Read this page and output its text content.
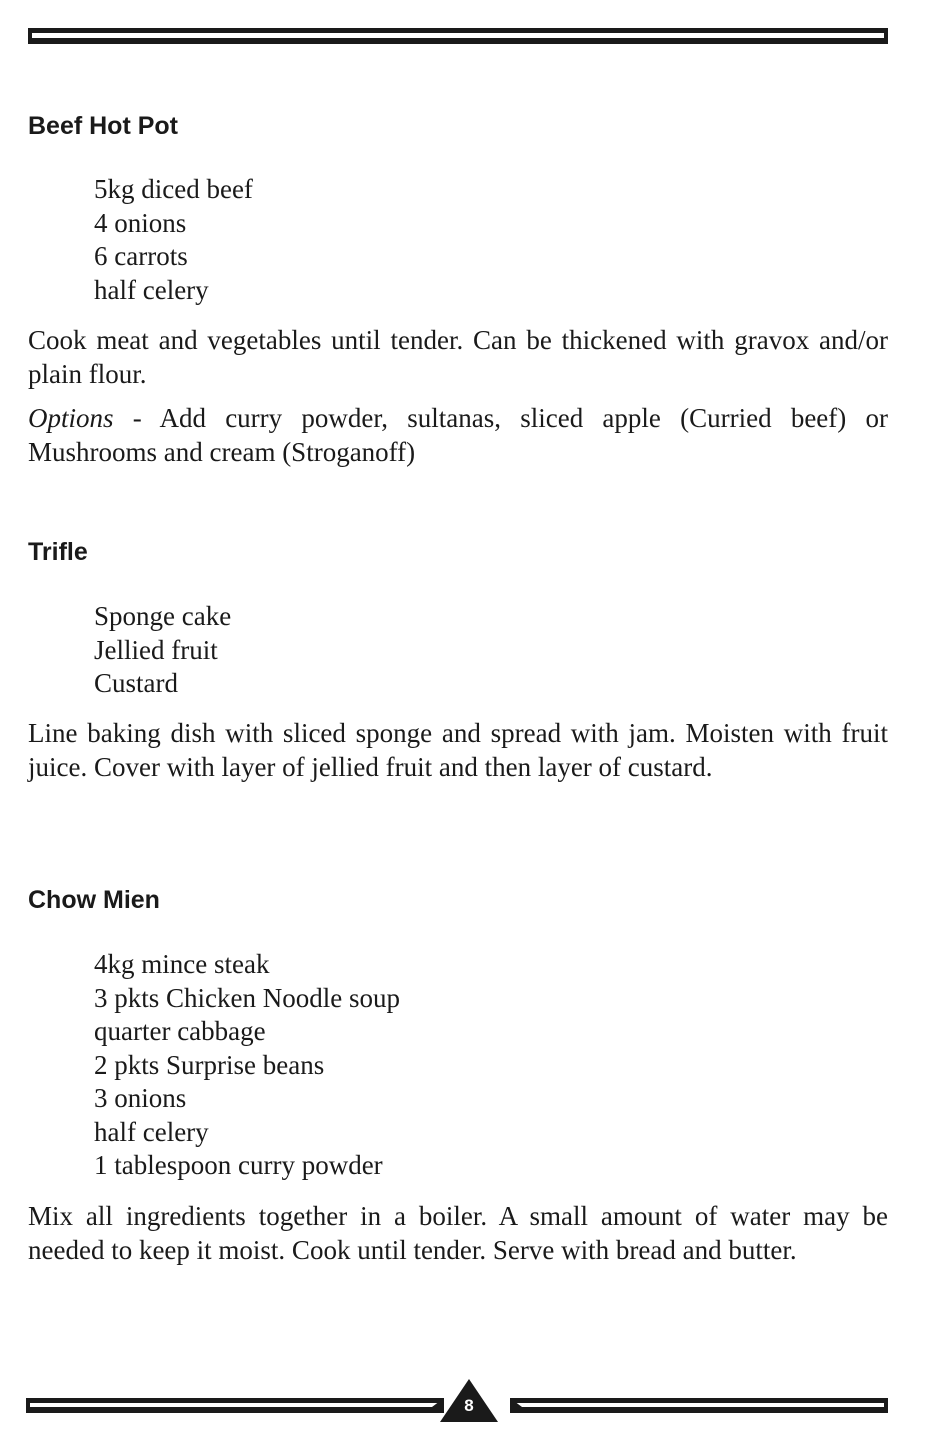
Beef Hot Pot
5kg diced beef
4 onions
6 carrots
half celery

Cook meat and vegetables until tender. Can be thickened with gravox and/or plain flour.

Options - Add curry powder, sultanas, sliced apple (Curried beef) or Mushrooms and cream (Stroganoff)

Trifle
Sponge cake
Jellied fruit
Custard

Line baking dish with sliced sponge and spread with jam. Moisten with fruit juice. Cover with layer of jellied fruit and then layer of custard.

Chow Mien
4kg mince steak
3 pkts Chicken Noodle soup
quarter cabbage
2 pkts Surprise beans
3 onions
half celery
1 tablespoon curry powder

Mix all ingredients together in a boiler. A small amount of water may be needed to keep it moist. Cook until tender. Serve with bread and butter.

8
